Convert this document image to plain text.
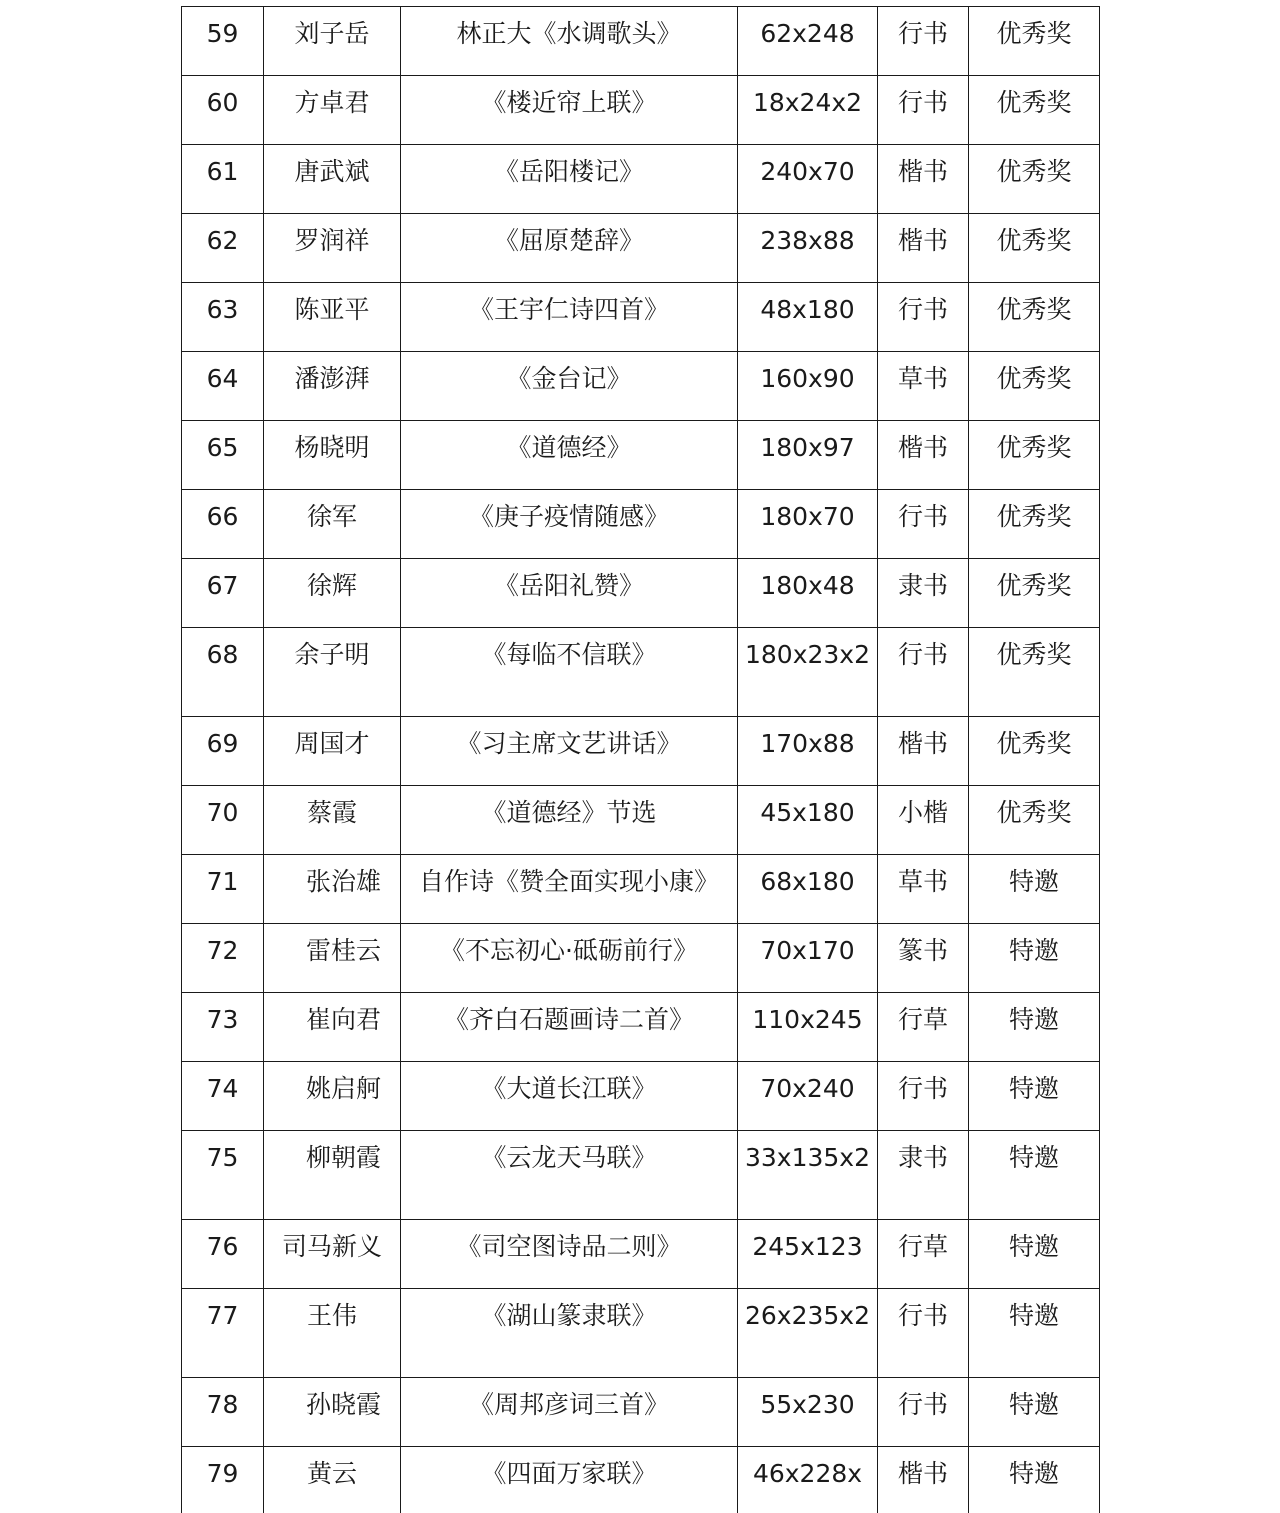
59	刘子岳	林正大《水调歌头》	62x248	行书	优秀奖
60	方卓君	《楼近帘上联》	18x24x2	行书	优秀奖
61	唐武斌	《岳阳楼记》	240x70	楷书	优秀奖
62	罗润祥	《屈原楚辞》	238x88	楷书	优秀奖
63	陈亚平	《王宇仁诗四首》	48x180	行书	优秀奖
64	潘澎湃	《金台记》	160x90	草书	优秀奖
65	杨晓明	《道德经》	180x97	楷书	优秀奖
66	徐军	《庚子疫情随感》	180x70	行书	优秀奖
67	徐辉	《岳阳礼赞》	180x48	隶书	优秀奖
68	余子明	《每临不信联》	180x23x2	行书	优秀奖
69	周国才	《习主席文艺讲话》	170x88	楷书	优秀奖
70	蔡霞	《道德经》节选	45x180	小楷	优秀奖
71	张治雄	自作诗《赞全面实现小康》	68x180	草书	特邀
72	雷桂云	《不忘初心·砥砺前行》	70x170	篆书	特邀
73	崔向君	《齐白石题画诗二首》	110x245	行草	特邀
74	姚启舸	《大道长江联》	70x240	行书	特邀
75	柳朝霞	《云龙天马联》	33x135x2	隶书	特邀
76	司马新义	《司空图诗品二则》	245x123	行草	特邀
77	王伟	《湖山篆隶联》	26x235x2	行书	特邀
78	孙晓霞	《周邦彦词三首》	55x230	行书	特邀
79	黄云	《四面万家联》	46x228x	楷书	特邀
